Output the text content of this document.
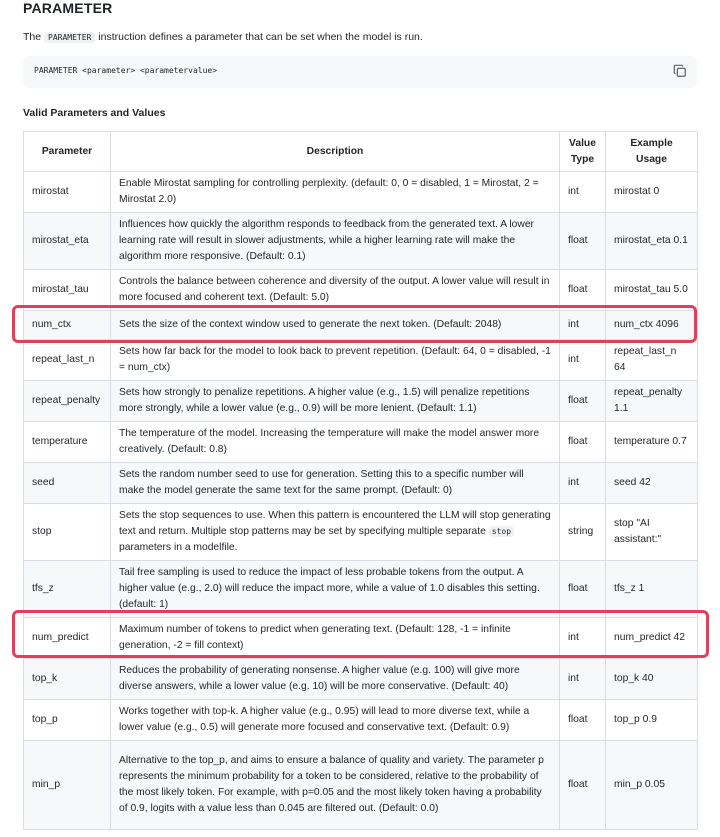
PARAMETER

The PARAMETER instruction defines a parameter that can be set when the model is run.

PARAMETER <parameter> <parametervalue>
Valid Parameters and Values
Parameter	Description	Value Type	Example Usage
mirostat	Enable Mirostat sampling for controlling perplexity. (default: 0, 0 = disabled, 1 = Mirostat, 2 = Mirostat 2.0)	int	mirostat 0
mirostat_eta	Influences how quickly the algorithm responds to feedback from the generated text. A lower learning rate will result in slower adjustments, while a higher learning rate will make the algorithm more responsive. (Default: 0.1)	float	mirostat_eta 0.1
mirostat_tau	Controls the balance between coherence and diversity of the output. A lower value will result in more focused and coherent text. (Default: 5.0)	float	mirostat_tau 5.0
num_ctx	Sets the size of the context window used to generate the next token. (Default: 2048)	int	num_ctx 4096
repeat_last_n	Sets how far back for the model to look back to prevent repetition. (Default: 64, 0 = disabled, -1 = num_ctx)	int	repeat_last_n 64
repeat_penalty	Sets how strongly to penalize repetitions. A higher value (e.g., 1.5) will penalize repetitions more strongly, while a lower value (e.g., 0.9) will be more lenient. (Default: 1.1)	float	repeat_penalty 1.1
temperature	The temperature of the model. Increasing the temperature will make the model answer more creatively. (Default: 0.8)	float	temperature 0.7
seed	Sets the random number seed to use for generation. Setting this to a specific number will make the model generate the same text for the same prompt. (Default: 0)	int	seed 42
stop	Sets the stop sequences to use. When this pattern is encountered the LLM will stop generating text and return. Multiple stop patterns may be set by specifying multiple separate stop parameters in a modelfile.	string	stop "AI assistant:"
tfs_z	Tail free sampling is used to reduce the impact of less probable tokens from the output. A higher value (e.g., 2.0) will reduce the impact more, while a value of 1.0 disables this setting. (default: 1)	float	tfs_z 1
num_predict	Maximum number of tokens to predict when generating text. (Default: 128, -1 = infinite generation, -2 = fill context)	int	num_predict 42
top_k	Reduces the probability of generating nonsense. A higher value (e.g. 100) will give more diverse answers, while a lower value (e.g. 10) will be more conservative. (Default: 40)	int	top_k 40
top_p	Works together with top-k. A higher value (e.g., 0.95) will lead to more diverse text, while a lower value (e.g., 0.5) will generate more focused and conservative text. (Default: 0.9)	float	top_p 0.9
min_p	Alternative to the top_p, and aims to ensure a balance of quality and variety. The parameter p represents the minimum probability for a token to be considered, relative to the probability of the most likely token. For example, with p=0.05 and the most likely token having a probability of 0.9, logits with a value less than 0.045 are filtered out. (Default: 0.0)	float	min_p 0.05
